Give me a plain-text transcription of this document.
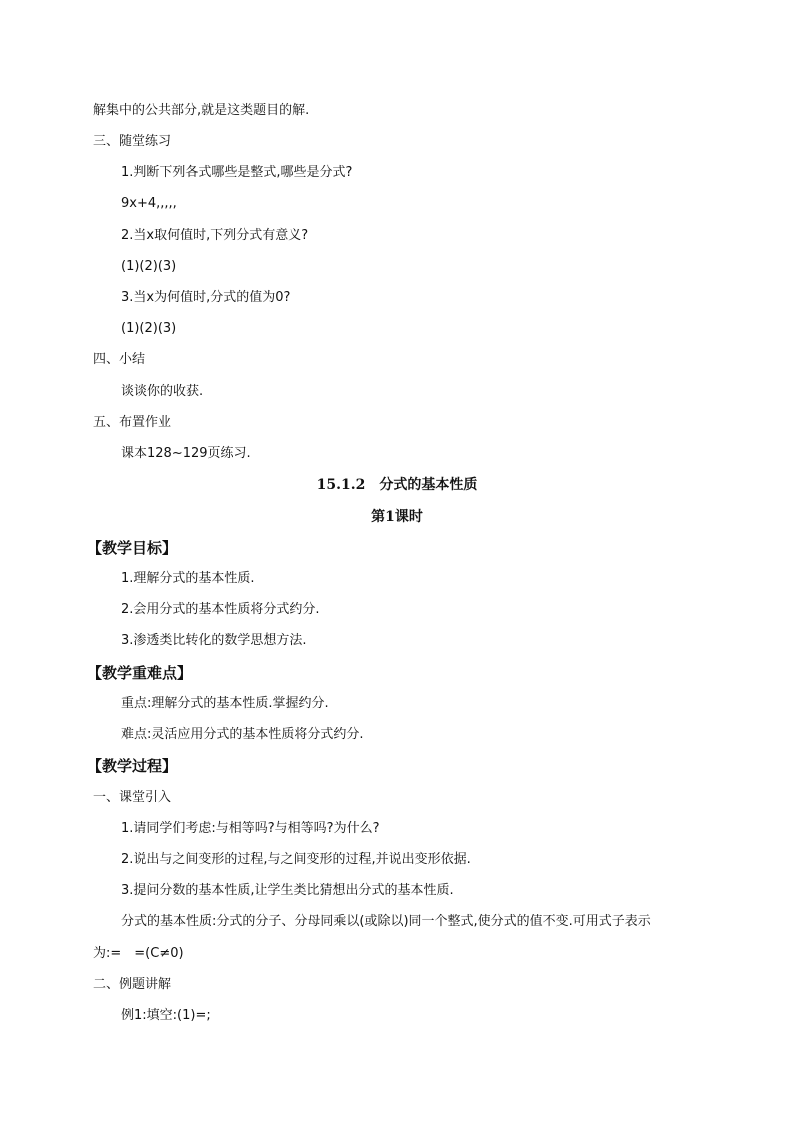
解集中的公共部分,就是这类题目的解.
三、随堂练习
1.判断下列各式哪些是整式,哪些是分式?
9x+4,,,,,
2.当x取何值时,下列分式有意义?
(1)(2)(3)
3.当x为何值时,分式的值为0?
(1)(2)(3)
四、小结
谈谈你的收获.
五、布置作业
课本128~129页练习.
15.1.2　分式的基本性质
第1课时
【教学目标】
1.理解分式的基本性质.
2.会用分式的基本性质将分式约分.
3.渗透类比转化的数学思想方法.
【教学重难点】
重点:理解分式的基本性质.掌握约分.
难点:灵活应用分式的基本性质将分式约分.
【教学过程】
一、课堂引入
1.请同学们考虑:与相等吗?与相等吗?为什么?
2.说出与之间变形的过程,与之间变形的过程,并说出变形依据.
3.提问分数的基本性质,让学生类比猜想出分式的基本性质.
分式的基本性质:分式的分子、分母同乘以(或除以)同一个整式,使分式的值不变.可用式子表示
为:=　=(C≠0)
二、例题讲解
例1:填空:(1)=;
